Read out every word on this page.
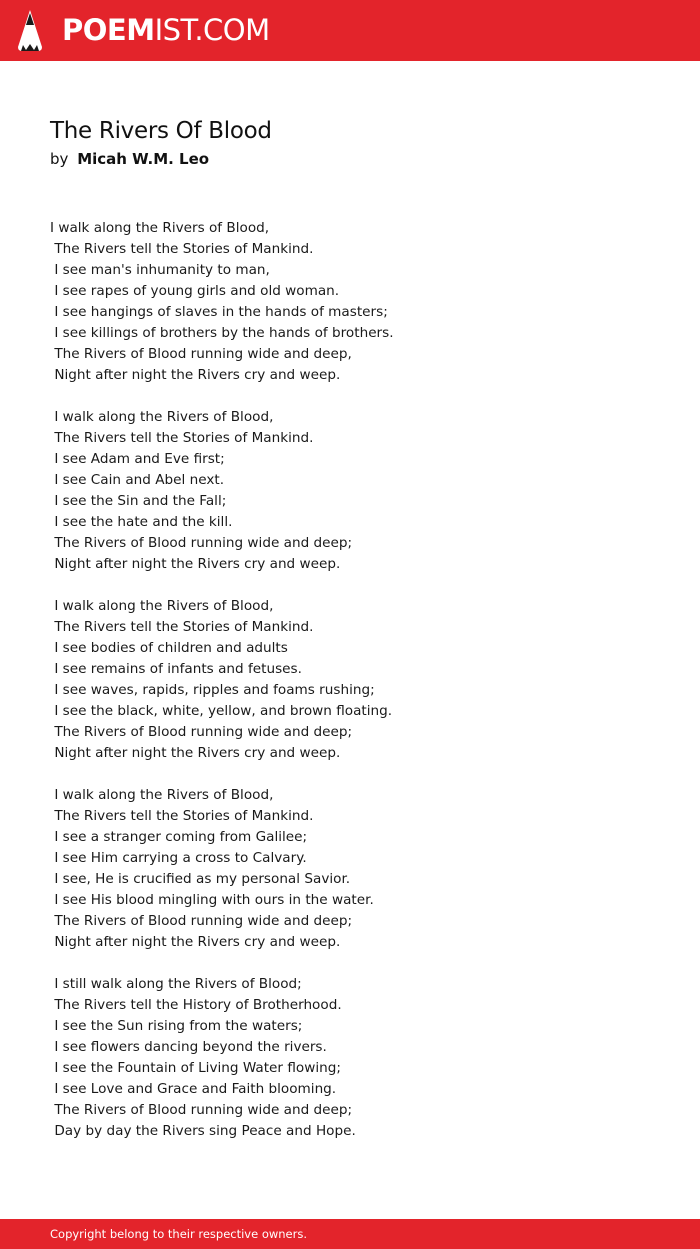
POEMIST.COM
The Rivers Of Blood
by Micah W.M. Leo
I walk along the Rivers of Blood,
The Rivers tell the Stories of Mankind.
I see man's inhumanity to man,
I see rapes of young girls and old woman.
I see hangings of slaves in the hands of masters;
I see killings of brothers by the hands of brothers.
The Rivers of Blood running wide and deep,
Night after night the Rivers cry and weep.
I walk along the Rivers of Blood,
The Rivers tell the Stories of Mankind.
I see Adam and Eve first;
I see Cain and Abel next.
I see the Sin and the Fall;
I see the hate and the kill.
The Rivers of Blood running wide and deep;
Night after night the Rivers cry and weep.
I walk along the Rivers of Blood,
The Rivers tell the Stories of Mankind.
I see bodies of children and adults
I see remains of infants and fetuses.
I see waves, rapids, ripples and foams rushing;
I see the black, white, yellow, and brown floating.
The Rivers of Blood running wide and deep;
Night after night the Rivers cry and weep.
I walk along the Rivers of Blood,
The Rivers tell the Stories of Mankind.
I see a stranger coming from Galilee;
I see Him carrying a cross to Calvary.
I see, He is crucified as my personal Savior.
I see His blood mingling with ours in the water.
The Rivers of Blood running wide and deep;
Night after night the Rivers cry and weep.
I still walk along the Rivers of Blood;
The Rivers tell the History of Brotherhood.
I see the Sun rising from the waters;
I see flowers dancing beyond the rivers.
I see the Fountain of Living Water flowing;
I see Love and Grace and Faith blooming.
The Rivers of Blood running wide and deep;
Day by day the Rivers sing Peace and Hope.
Copyright belong to their respective owners.
